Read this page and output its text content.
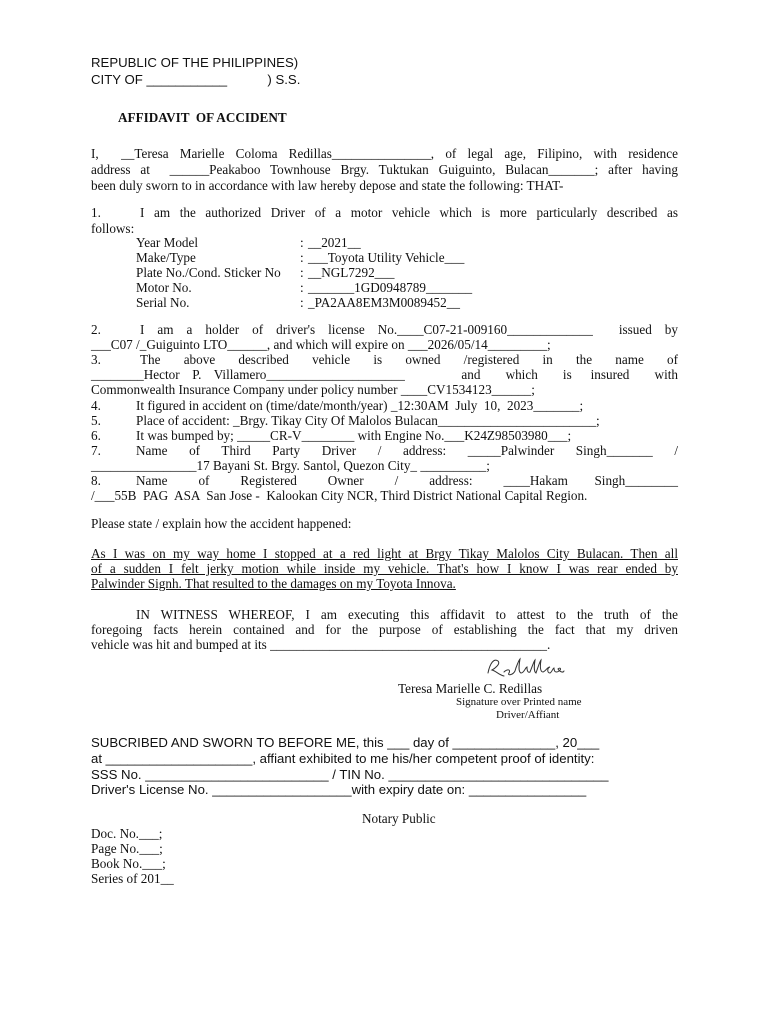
REPUBLIC OF THE PHILIPPINES)
CITY OF ___________           ) S.S.
AFFIDAVIT  OF ACCIDENT
I,  __Teresa Marielle Coloma Redillas_______________, of legal age, Filipino, with residence
address at  ______Peakaboo Townhouse Brgy. Tuktukan Guiguinto, Bulacan_______; after having
been duly sworn to in accordance with law hereby depose and state the following: THAT-
1.	I am the authorized Driver of a motor vehicle which is more particularly described as
follows:
Year Model	: __2021__
Make/Type	: ___Toyota Utility Vehicle___
Plate No./Cond. Sticker No : __NGL7292___
Motor No.	: _______1GD0948789_______
Serial No.	: _PA2AA8EM3M0089452__
2.	I am a holder of driver's license No.____C07-21-009160_____________  issued by
___C07 /_Guiguinto LTO______, and which will expire on ___2026/05/14_________;
3.	The   above   described   vehicle   is   owned   /registered   in   the   name   of
________Hector  P.  Villamero_____________________         and    which    is   insured    with
Commonwealth Insurance Company under policy number ____CV1534123______;
4.	It figured in accident on (time/date/month/year) _12:30AM  July  10,  2023_______;
5.	Place of accident: _Brgy. Tikay City Of Malolos Bulacan________________________;
6.	It was bumped by; _____CR-V________ with Engine No.___K24Z98503980___;
7.	Name    of    Third    Party    Driver    /    address:    _____Palwinder    Singh_______    /
________________17 Bayani St. Brgy. Santol, Quezon City_ __________;
8.	Name       of       Registered       Owner       /       address:       ____Hakam      Singh________
/___55B  PAG  ASA  San Jose -  Kalookan City NCR, Third District National Capital Region.
Please state / explain how the accident happened:
As I was on my way home I stopped at a red light at Brgy Tikay Malolos City Bulacan. Then all
of a sudden I felt jerky motion while inside my vehicle. That's how I know I was rear ended by
Palwinder Signh. That resulted to the damages on my Toyota Innova.
IN WITNESS WHEREOF, I am executing this affidavit to attest to the truth of the
foregoing facts herein contained and for the purpose of establishing the fact that my driven
vehicle was hit and bumped at its __________________________________________.
Teresa Marielle C. Redillas
Signature over Printed name
Driver/Affiant
SUBCRIBED AND SWORN TO BEFORE ME, this ___ day of ______________, 20___
at ____________________, affiant exhibited to me his/her competent proof of identity:
SSS No. _________________________ / TIN No. ______________________________
Driver's License No. ___________________with expiry date on: ________________
Notary Public
Doc. No.___;
Page No.___;
Book No.___;
Series of 201__
